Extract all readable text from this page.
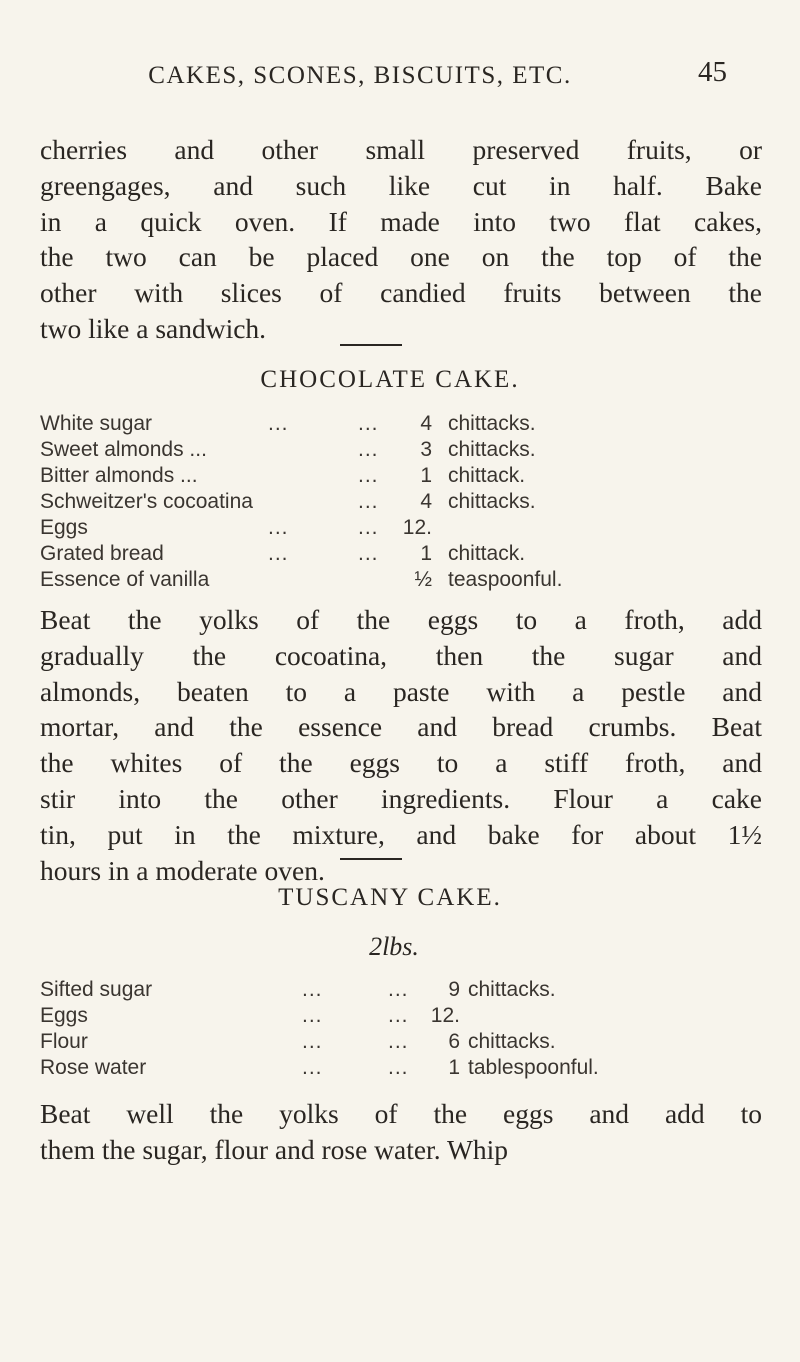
CAKES, SCONES, BISCUITS, ETC.	45

cherries and other small preserved fruits, or
greengages, and such like cut in half. Bake
in a quick oven. If made into two flat cakes,
the two can be placed one on the top of the
other with slices of candied fruits between the
two like a sandwich.

CHOCOLATE CAKE.
White sugar	...	...	4 chittacks.
Sweet almonds ...	...	3 chittacks.
Bitter almonds ...	...	1 chittack.
Schweitzer's cocoatina	...	4 chittacks.
Eggs	...	...	12.
Grated bread	...	...	1 chittack.
Essence of vanilla	½ teaspoonful.

Beat the yolks of the eggs to a froth, add
gradually the cocoatina, then the sugar and
almonds, beaten to a paste with a pestle and
mortar, and the essence and bread crumbs. Beat
the whites of the eggs to a stiff froth, and
stir into the other ingredients. Flour a cake
tin, put in the mixture, and bake for about 1½
hours in a moderate oven.

TUSCANY CAKE.
2lbs.
Sifted sugar	...	...	9 chittacks.
Eggs	...	...	12.
Flour	...	...	6 chittacks.
Rose water	...	...	1 tablespoonful.

Beat well the yolks of the eggs and add to
them the sugar, flour and rose water. Whip
